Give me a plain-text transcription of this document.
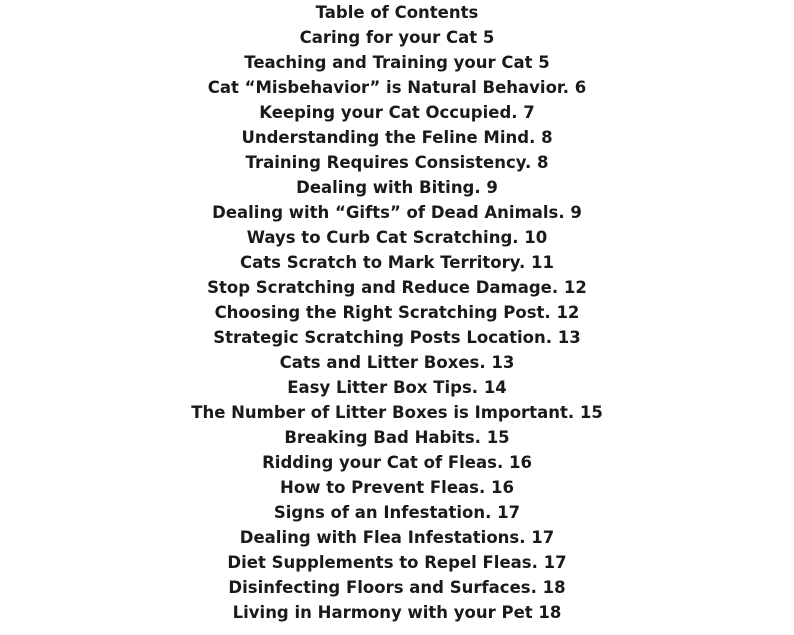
Table of Contents
Caring for your Cat 5
Teaching and Training your Cat 5
Cat “Misbehavior” is Natural Behavior. 6
Keeping your Cat Occupied. 7
Understanding the Feline Mind. 8
Training Requires Consistency. 8
Dealing with Biting. 9
Dealing with “Gifts” of Dead Animals. 9
Ways to Curb Cat Scratching. 10
Cats Scratch to Mark Territory. 11
Stop Scratching and Reduce Damage. 12
Choosing the Right Scratching Post. 12
Strategic Scratching Posts Location. 13
Cats and Litter Boxes. 13
Easy Litter Box Tips. 14
The Number of Litter Boxes is Important. 15
Breaking Bad Habits. 15
Ridding your Cat of Fleas. 16
How to Prevent Fleas. 16
Signs of an Infestation. 17
Dealing with Flea Infestations. 17
Diet Supplements to Repel Fleas. 17
Disinfecting Floors and Surfaces. 18
Living in Harmony with your Pet 18
